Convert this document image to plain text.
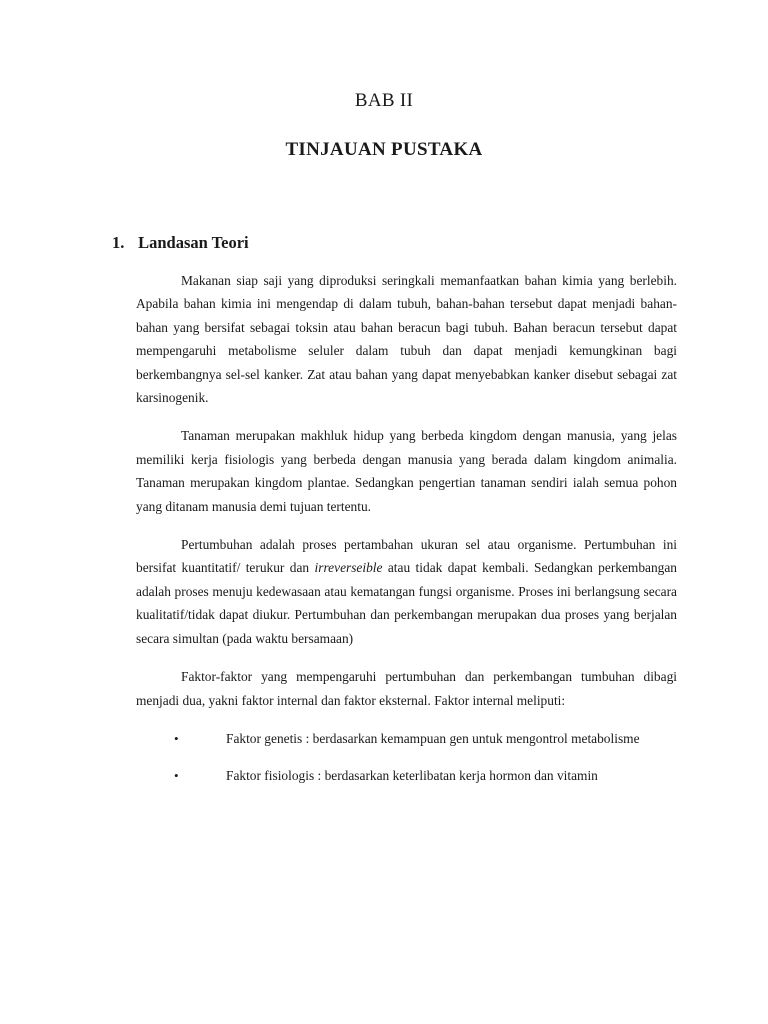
BAB II
TINJAUAN PUSTAKA
1. Landasan Teori

Makanan siap saji yang diproduksi seringkali memanfaatkan bahan kimia yang berlebih. Apabila bahan kimia ini mengendap di dalam tubuh, bahan-bahan tersebut dapat menjadi bahan-bahan yang bersifat sebagai toksin atau bahan beracun bagi tubuh. Bahan beracun tersebut dapat mempengaruhi metabolisme seluler dalam tubuh dan dapat menjadi kemungkinan bagi berkembangnya sel-sel kanker. Zat atau bahan yang dapat menyebabkan kanker disebut sebagai zat karsinogenik.

Tanaman merupakan makhluk hidup yang berbeda kingdom dengan manusia, yang jelas memiliki kerja fisiologis yang berbeda dengan manusia yang berada dalam kingdom animalia. Tanaman merupakan kingdom plantae. Sedangkan pengertian tanaman sendiri ialah semua pohon yang ditanam manusia demi tujuan tertentu.

Pertumbuhan adalah proses pertambahan ukuran sel atau organisme. Pertumbuhan ini bersifat kuantitatif/ terukur dan irreverseible atau tidak dapat kembali. Sedangkan perkembangan adalah proses menuju kedewasaan atau kematangan fungsi organisme. Proses ini berlangsung secara kualitatif/tidak dapat diukur. Pertumbuhan dan perkembangan merupakan dua proses yang berjalan secara simultan (pada waktu bersamaan)

Faktor-faktor yang mempengaruhi pertumbuhan dan perkembangan tumbuhan dibagi menjadi dua, yakni faktor internal dan faktor eksternal. Faktor internal meliputi:

•	Faktor genetis : berdasarkan kemampuan gen untuk mengontrol metabolisme
•	Faktor fisiologis : berdasarkan keterlibatan kerja hormon dan vitamin
